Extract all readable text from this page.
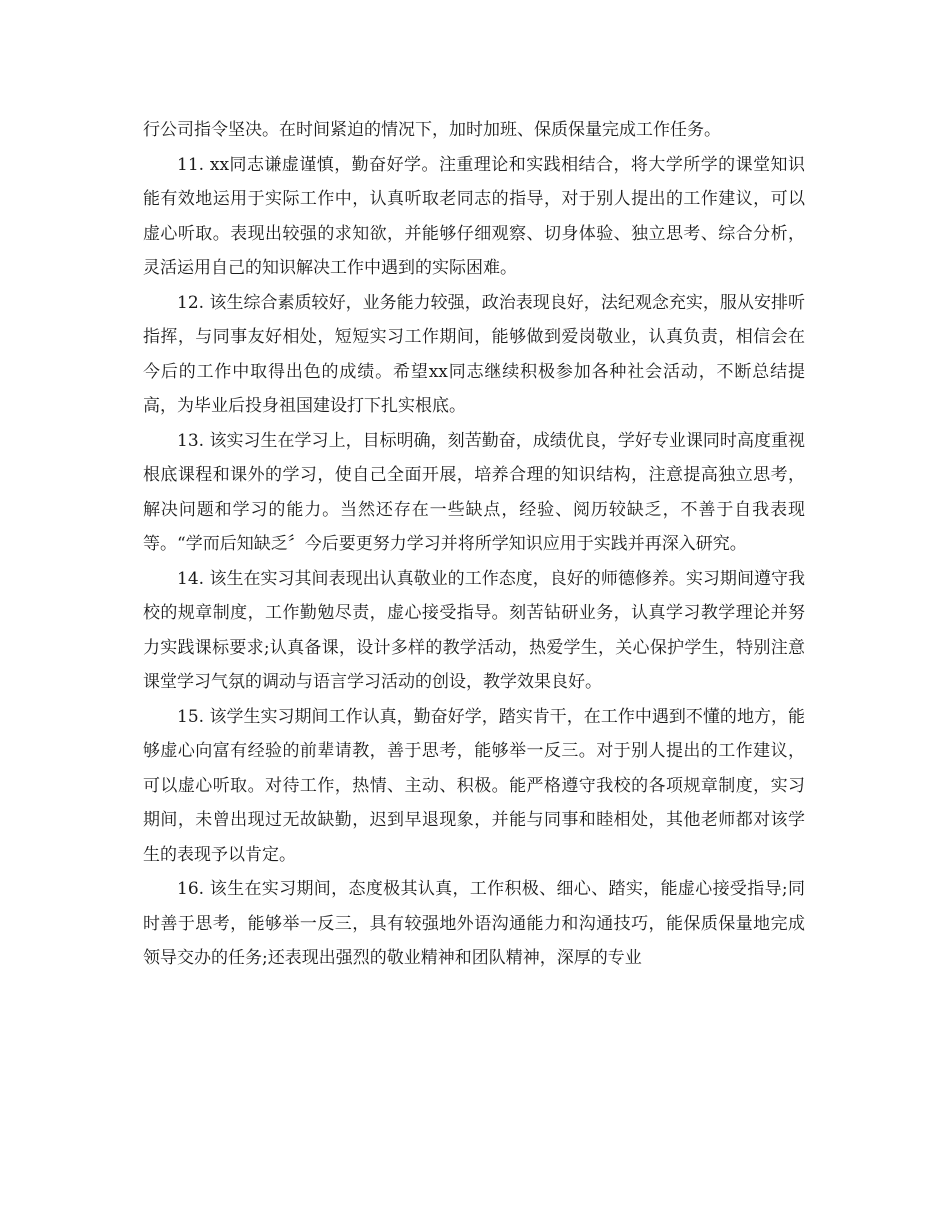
行公司指令坚决。在时间紧迫的情况下，加时加班、保质保量完成工作任务。

11. xx同志谦虚谨慎，勤奋好学。注重理论和实践相结合，将大学所学的课堂知识能有效地运用于实际工作中，认真听取老同志的指导，对于别人提出的工作建议，可以虚心听取。表现出较强的求知欲，并能够仔细观察、切身体验、独立思考、综合分析，灵活运用自己的知识解决工作中遇到的实际困难。

12. 该生综合素质较好，业务能力较强，政治表现良好，法纪观念充实，服从安排听指挥，与同事友好相处，短短实习工作期间，能够做到爱岗敬业，认真负责，相信会在今后的工作中取得出色的成绩。希望xx同志继续积极参加各种社会活动，不断总结提高，为毕业后投身祖国建设打下扎实根底。

13. 该实习生在学习上，目标明确，刻苦勤奋，成绩优良，学好专业课同时高度重视根底课程和课外的学习，使自己全面开展，培养合理的知识结构，注意提高独立思考，解决问题和学习的能力。当然还存在一些缺点，经验、阅历较缺乏，不善于自我表现等。“学而后知缺乏〞今后要更努力学习并将所学知识应用于实践并再深入研究。

14. 该生在实习其间表现出认真敬业的工作态度，良好的师德修养。实习期间遵守我校的规章制度，工作勤勉尽责，虚心接受指导。刻苦钻研业务，认真学习教学理论并努力实践课标要求;认真备课，设计多样的教学活动，热爱学生，关心保护学生，特别注意课堂学习气氛的调动与语言学习活动的创设，教学效果良好。

15. 该学生实习期间工作认真，勤奋好学，踏实肯干，在工作中遇到不懂的地方，能够虚心向富有经验的前辈请教，善于思考，能够举一反三。对于别人提出的工作建议，可以虚心听取。对待工作，热情、主动、积极。能严格遵守我校的各项规章制度，实习期间，未曾出现过无故缺勤，迟到早退现象，并能与同事和睦相处，其他老师都对该学生的表现予以肯定。

16. 该生在实习期间，态度极其认真，工作积极、细心、踏实，能虚心接受指导;同时善于思考，能够举一反三，具有较强地外语沟通能力和沟通技巧，能保质保量地完成领导交办的任务;还表现出强烈的敬业精神和团队精神，深厚的专业
